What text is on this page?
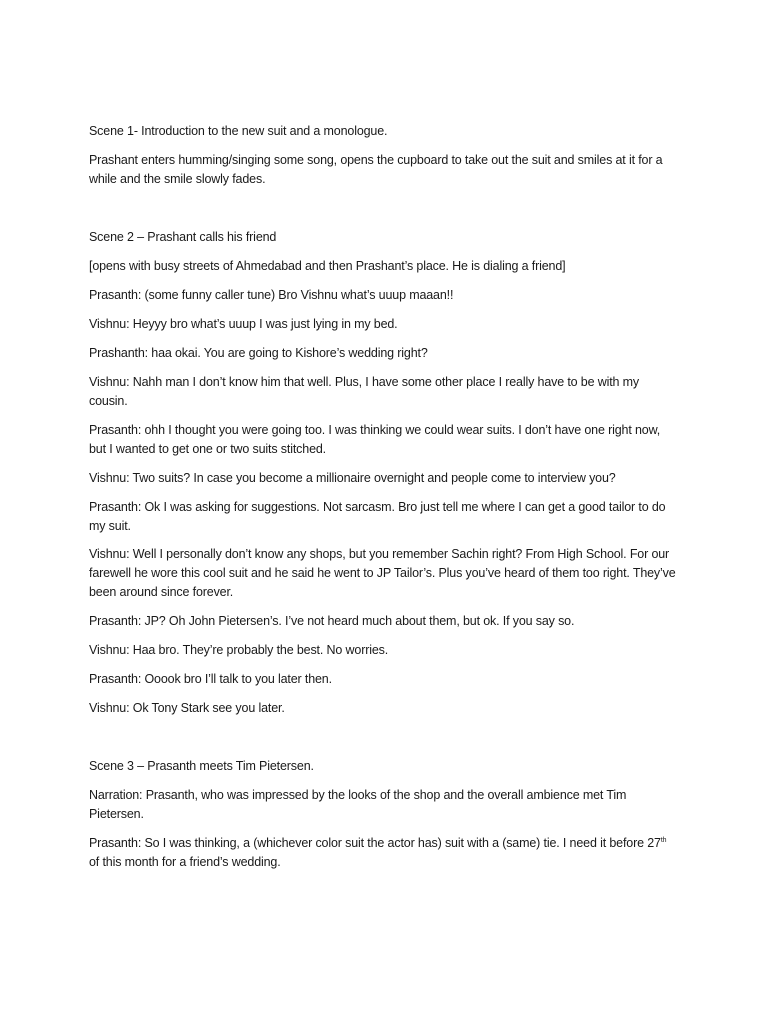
Scene 1- Introduction to the new suit and a monologue.

Prashant enters humming/singing some song, opens the cupboard to take out the suit and smiles at it for a while and the smile slowly fades.

Scene 2 – Prashant calls his friend

[opens with busy streets of Ahmedabad and then Prashant’s place. He is dialing a friend]

Prasanth: (some funny caller tune) Bro Vishnu what’s uuup maaan!!

Vishnu: Heyyy bro what’s uuup I was just lying in my bed.

Prashanth: haa okai. You are going to Kishore’s wedding right?

Vishnu: Nahh man I don’t know him that well. Plus, I have some other place I really have to be with my cousin.

Prasanth: ohh I thought you were going too. I was thinking we could wear suits. I don’t have one right now, but I wanted to get one or two suits stitched.

Vishnu: Two suits? In case you become a millionaire overnight and people come to interview you?

Prasanth: Ok I was asking for suggestions. Not sarcasm. Bro just tell me where I can get a good tailor to do my suit.

Vishnu: Well I personally don’t know any shops, but you remember Sachin right? From High School. For our farewell he wore this cool suit and he said he went to JP Tailor’s. Plus you’ve heard of them too right. They’ve been around since forever.

Prasanth: JP? Oh John Pietersen’s. I’ve not heard much about them, but ok. If you say so.

Vishnu: Haa bro. They’re probably the best. No worries.

Prasanth: Ooook bro I’ll talk to you later then.

Vishnu: Ok Tony Stark see you later.

Scene 3 – Prasanth meets Tim Pietersen.

Narration: Prasanth, who was impressed by the looks of the shop and the overall ambience met Tim Pietersen.

Prasanth: So I was thinking, a (whichever color suit the actor has) suit with a (same) tie. I need it before 27th of this month for a friend’s wedding.
